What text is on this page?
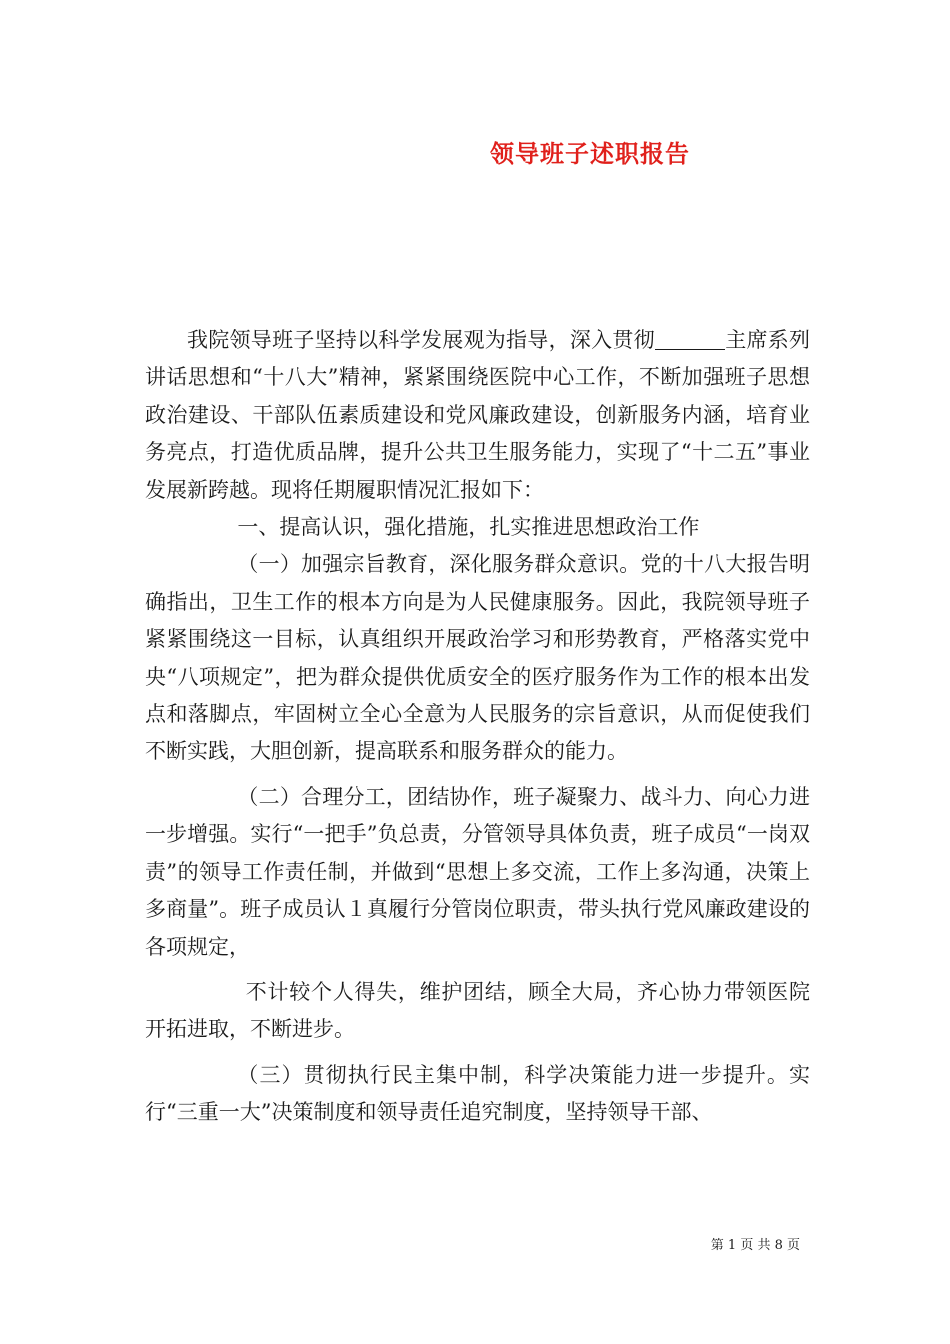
领导班子述职报告

我院领导班子坚持以科学发展观为指导，深入贯彻	主席系列讲话思想和“十八大”精神，紧紧围绕医院中心工作，不断加强班子思想政治建设、干部队伍素质建设和党风廉政建设，创新服务内涵，培育业务亮点，打造优质品牌，提升公共卫生服务能力，实现了“十二五”事业发展新跨越。现将任期履职情况汇报如下：

一、提高认识，强化措施，扎实推进思想政治工作

（一）加强宗旨教育，深化服务群众意识。党的十八大报告明确指出，卫生工作的根本方向是为人民健康服务。因此，我院领导班子紧紧围绕这一目标，认真组织开展政治学习和形势教育，严格落实党中央“八项规定”，把为群众提供优质安全的医疗服务作为工作的根本出发点和落脚点，牢固树立全心全意为人民服务的宗旨意识，从而促使我们不断实践，大胆创新，提高联系和服务群众的能力。

（二）合理分工，团结协作，班子凝聚力、战斗力、向心力进一步增强。实行“一把手”负总责，分管领导具体负责，班子成员“一岗双责”的领导工作责任制，并做到“思想上多交流，工作上多沟通，决策上多商量”。班子成员认１真履行分管岗位职责，带头执行党风廉政建设的各项规定，

不计较个人得失，维护团结，顾全大局，齐心协力带领医院开拓进取，不断进步。

（三）贯彻执行民主集中制，科学决策能力进一步提升。实行“三重一大”决策制度和领导责任追究制度，坚持领导干部、

第 1 页 共 8 页
